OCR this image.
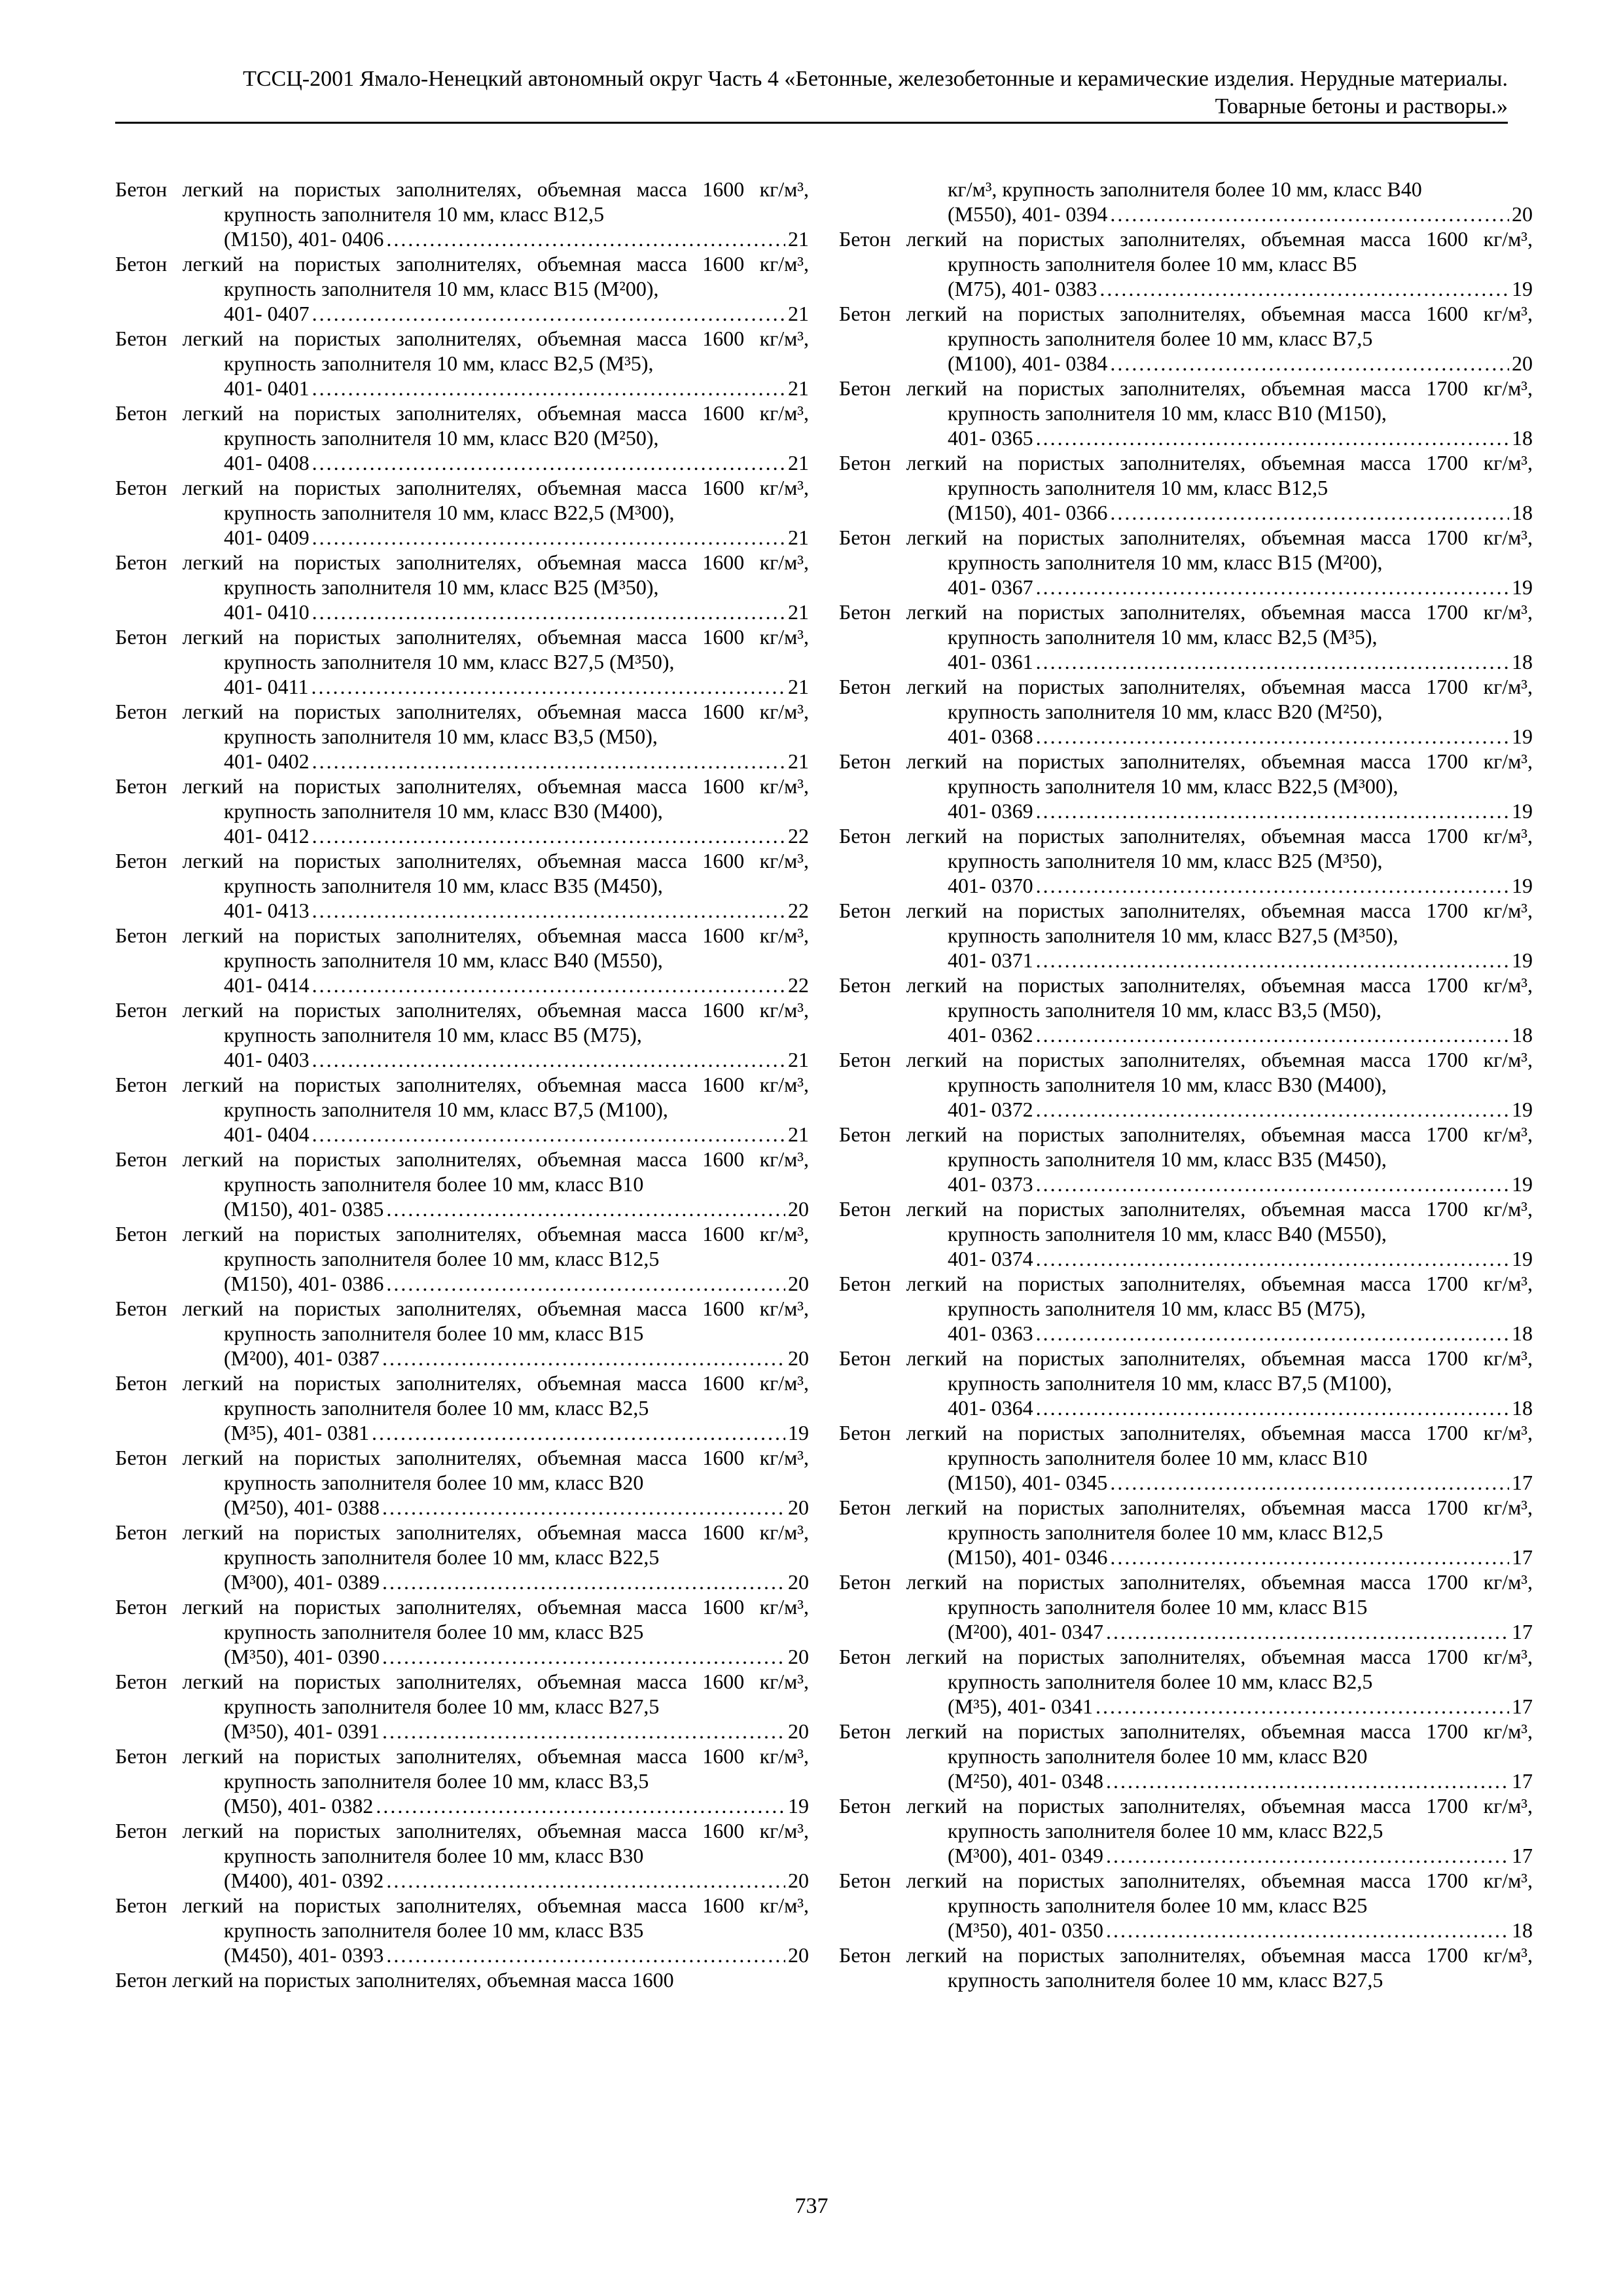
ТССЦ-2001 Ямало-Ненецкий автономный округ Часть 4 «Бетонные, железобетонные и керамические изделия. Нерудные материалы.
Товарные бетоны и растворы.»
Бетон легкий на пористых заполнителях, объемная масса 1600 кг/м³, крупность заполнителя 10 мм, класс В12,5
(М150), 401- 0406 .....	21
Бетон легкий на пористых заполнителях, объемная масса 1600 кг/м³, крупность заполнителя 10 мм, класс В15 (М²00),
401- 0407 .....	21
Бетон легкий на пористых заполнителях, объемная масса 1600 кг/м³, крупность заполнителя 10 мм, класс В2,5 (М³5),
401- 0401 .....	21
Бетон легкий на пористых заполнителях, объемная масса 1600 кг/м³, крупность заполнителя 10 мм, класс В20 (М²50),
401- 0408 .....	21
Бетон легкий на пористых заполнителях, объемная масса 1600 кг/м³, крупность заполнителя 10 мм, класс В22,5 (М³00),
401- 0409 .....	21
Бетон легкий на пористых заполнителях, объемная масса 1600 кг/м³, крупность заполнителя 10 мм, класс В25 (М³50),
401- 0410 .....	21
Бетон легкий на пористых заполнителях, объемная масса 1600 кг/м³, крупность заполнителя 10 мм, класс В27,5 (М³50),
401- 0411 .....	21
Бетон легкий на пористых заполнителях, объемная масса 1600 кг/м³, крупность заполнителя 10 мм, класс В3,5 (М50),
401- 0402 .....	21
Бетон легкий на пористых заполнителях, объемная масса 1600 кг/м³, крупность заполнителя 10 мм, класс В30 (М400),
401- 0412 .....	22
Бетон легкий на пористых заполнителях, объемная масса 1600 кг/м³, крупность заполнителя 10 мм, класс В35 (М450),
401- 0413 .....	22
Бетон легкий на пористых заполнителях, объемная масса 1600 кг/м³, крупность заполнителя 10 мм, класс В40 (М550),
401- 0414 .....	22
Бетон легкий на пористых заполнителях, объемная масса 1600 кг/м³, крупность заполнителя 10 мм, класс В5 (М75),
401- 0403 .....	21
Бетон легкий на пористых заполнителях, объемная масса 1600 кг/м³, крупность заполнителя 10 мм, класс В7,5 (М100),
401- 0404 .....	21
Бетон легкий на пористых заполнителях, объемная масса 1600 кг/м³, крупность заполнителя более 10 мм, класс В10
(М150), 401- 0385 .....	20
Бетон легкий на пористых заполнителях, объемная масса 1600 кг/м³, крупность заполнителя более 10 мм, класс В12,5
(М150), 401- 0386 .....	20
Бетон легкий на пористых заполнителях, объемная масса 1600 кг/м³, крупность заполнителя более 10 мм, класс В15
(М²00), 401- 0387 .....	20
Бетон легкий на пористых заполнителях, объемная масса 1600 кг/м³, крупность заполнителя более 10 мм, класс В2,5
(М³5), 401- 0381 .....	19
Бетон легкий на пористых заполнителях, объемная масса 1600 кг/м³, крупность заполнителя более 10 мм, класс В20
(М²50), 401- 0388 .....	20
Бетон легкий на пористых заполнителях, объемная масса 1600 кг/м³, крупность заполнителя более 10 мм, класс В22,5
(М³00), 401- 0389 .....	20
Бетон легкий на пористых заполнителях, объемная масса 1600 кг/м³, крупность заполнителя более 10 мм, класс В25
(М³50), 401- 0390 .....	20
Бетон легкий на пористых заполнителях, объемная масса 1600 кг/м³, крупность заполнителя более 10 мм, класс В27,5
(М³50), 401- 0391 .....	20
Бетон легкий на пористых заполнителях, объемная масса 1600 кг/м³, крупность заполнителя более 10 мм, класс В3,5
(М50), 401- 0382 .....	19
Бетон легкий на пористых заполнителях, объемная масса 1600 кг/м³, крупность заполнителя более 10 мм, класс В30
(М400), 401- 0392 .....	20
Бетон легкий на пористых заполнителях, объемная масса 1600 кг/м³, крупность заполнителя более 10 мм, класс В35
(М450), 401- 0393 .....	20
Бетон легкий на пористых заполнителях, объемная масса 1600
кг/м³, крупность заполнителя более 10 мм, класс В40
(М550), 401- 0394 .....	20
Бетон легкий на пористых заполнителях, объемная масса 1600 кг/м³, крупность заполнителя более 10 мм, класс В5
(М75), 401- 0383 .....	19
Бетон легкий на пористых заполнителях, объемная масса 1600 кг/м³, крупность заполнителя более 10 мм, класс В7,5
(М100), 401- 0384 .....	20
Бетон легкий на пористых заполнителях, объемная масса 1700 кг/м³, крупность заполнителя 10 мм, класс В10 (М150),
401- 0365 .....	18
Бетон легкий на пористых заполнителях, объемная масса 1700 кг/м³, крупность заполнителя 10 мм, класс В12,5
(М150), 401- 0366 .....	18
Бетон легкий на пористых заполнителях, объемная масса 1700 кг/м³, крупность заполнителя 10 мм, класс В15 (М²00),
401- 0367 .....	19
Бетон легкий на пористых заполнителях, объемная масса 1700 кг/м³, крупность заполнителя 10 мм, класс В2,5 (М³5),
401- 0361 .....	18
Бетон легкий на пористых заполнителях, объемная масса 1700 кг/м³, крупность заполнителя 10 мм, класс В20 (М²50),
401- 0368 .....	19
Бетон легкий на пористых заполнителях, объемная масса 1700 кг/м³, крупность заполнителя 10 мм, класс В22,5 (М³00),
401- 0369 .....	19
Бетон легкий на пористых заполнителях, объемная масса 1700 кг/м³, крупность заполнителя 10 мм, класс В25 (М³50),
401- 0370 .....	19
Бетон легкий на пористых заполнителях, объемная масса 1700 кг/м³, крупность заполнителя 10 мм, класс В27,5 (М³50),
401- 0371 .....	19
Бетон легкий на пористых заполнителях, объемная масса 1700 кг/м³, крупность заполнителя 10 мм, класс В3,5 (М50),
401- 0362 .....	18
Бетон легкий на пористых заполнителях, объемная масса 1700 кг/м³, крупность заполнителя 10 мм, класс В30 (М400),
401- 0372 .....	19
Бетон легкий на пористых заполнителях, объемная масса 1700 кг/м³, крупность заполнителя 10 мм, класс В35 (М450),
401- 0373 .....	19
Бетон легкий на пористых заполнителях, объемная масса 1700 кг/м³, крупность заполнителя 10 мм, класс В40 (М550),
401- 0374 .....	19
Бетон легкий на пористых заполнителях, объемная масса 1700 кг/м³, крупность заполнителя 10 мм, класс В5 (М75),
401- 0363 .....	18
Бетон легкий на пористых заполнителях, объемная масса 1700 кг/м³, крупность заполнителя 10 мм, класс В7,5 (М100),
401- 0364 .....	18
Бетон легкий на пористых заполнителях, объемная масса 1700 кг/м³, крупность заполнителя более 10 мм, класс В10
(М150), 401- 0345 .....	17
Бетон легкий на пористых заполнителях, объемная масса 1700 кг/м³, крупность заполнителя более 10 мм, класс В12,5
(М150), 401- 0346 .....	17
Бетон легкий на пористых заполнителях, объемная масса 1700 кг/м³, крупность заполнителя более 10 мм, класс В15
(М²00), 401- 0347 .....	17
Бетон легкий на пористых заполнителях, объемная масса 1700 кг/м³, крупность заполнителя более 10 мм, класс В2,5
(М³5), 401- 0341 .....	17
Бетон легкий на пористых заполнителях, объемная масса 1700 кг/м³, крупность заполнителя более 10 мм, класс В20
(М²50), 401- 0348 .....	17
Бетон легкий на пористых заполнителях, объемная масса 1700 кг/м³, крупность заполнителя более 10 мм, класс В22,5
(М³00), 401- 0349 .....	17
Бетон легкий на пористых заполнителях, объемная масса 1700 кг/м³, крупность заполнителя более 10 мм, класс В25
(М³50), 401- 0350 .....	18
Бетон легкий на пористых заполнителях, объемная масса 1700 кг/м³, крупность заполнителя более 10 мм, класс В27,5
737
